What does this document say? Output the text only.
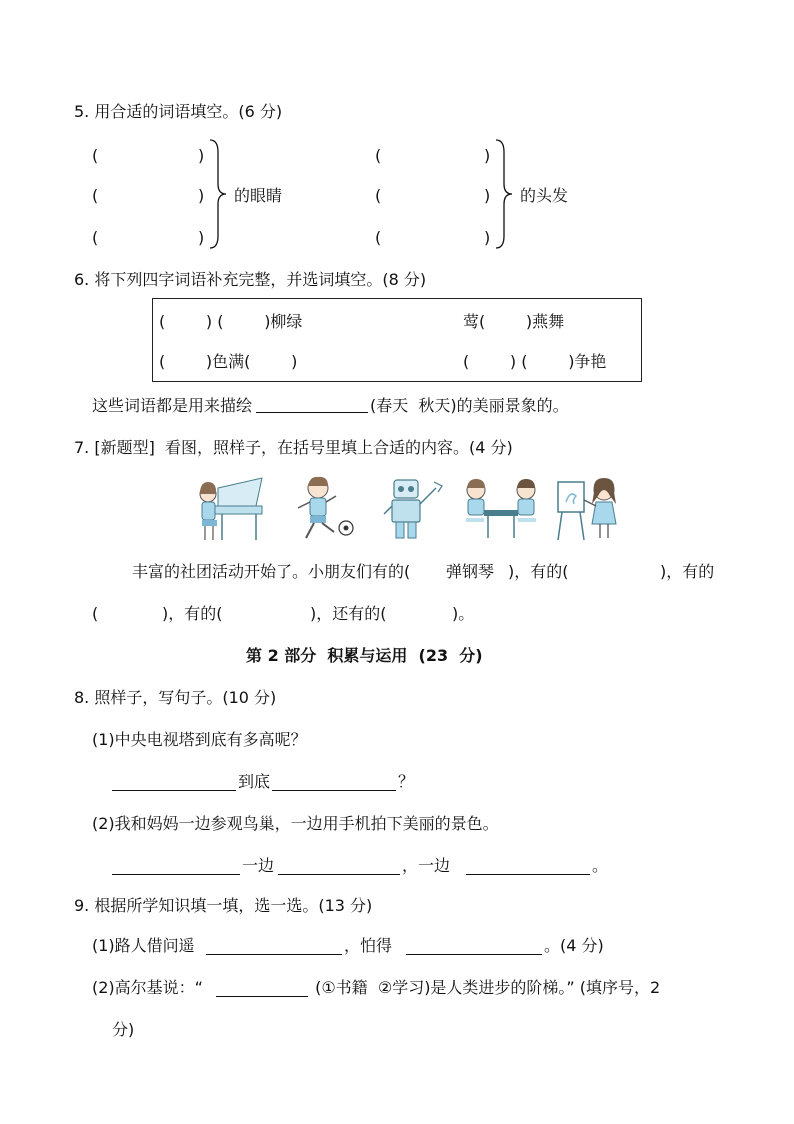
5. 用合适的词语填空。(6 分)
(	)
(	)
(	)
的眼睛
(	)
(	)
(	)
的头发
6. 将下列四字词语补充完整，并选词填空。(8 分)
(        ) (        )柳绿	莺(        )燕舞
(        )色满(        )	(        ) (        )争艳
这些词语都是用来描绘	(春天  秋天)的美丽景象的。
7. [新题型]  看图，照样子，在括号里填上合适的内容。(4 分)
丰富的社团活动开始了。小朋友们有的( 弹钢琴 )，有的(	)，有的
(	)，有的(	)，还有的(	)。
第 2 部分  积累与运用  (23  分)
8. 照样子，写句子。(10 分)
(1)中央电视塔到底有多高呢？
到底	？
(2)我和妈妈一边参观鸟巢，一边用手机拍下美丽的景色。
一边	，一边	。
9. 根据所学知识填一填，选一选。(13 分)
(1)路人借问遥	，怕得	。(4 分)
(2)高尔基说：“	(①书籍  ②学习)是人类进步的阶梯。” (填序号，2
分)
